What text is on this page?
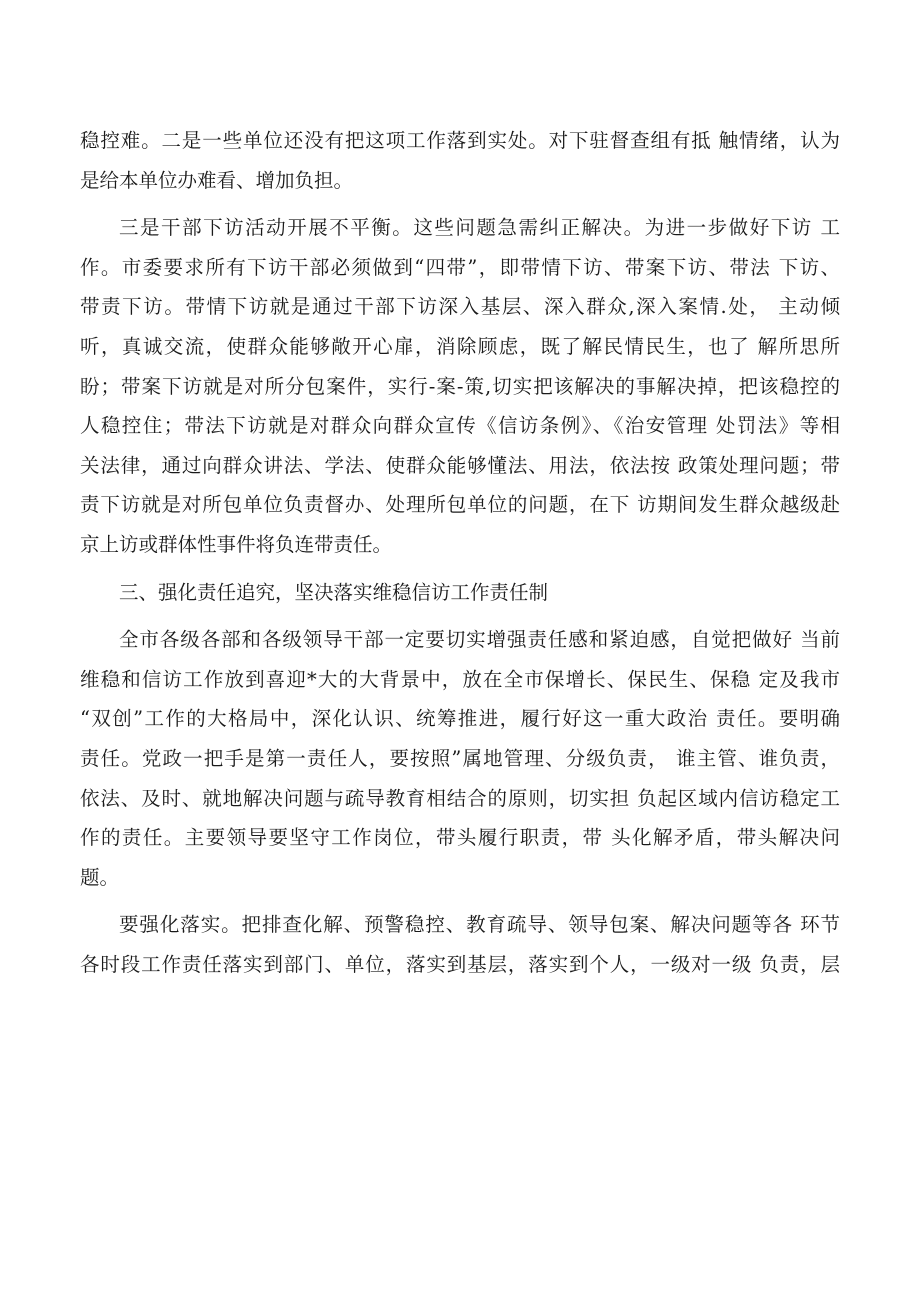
稳控难。二是一些单位还没有把这项工作落到实处。对下驻督查组有抵 触情绪，认为
是给本单位办难看、增加负担。
三是干部下访活动开展不平衡。这些问题急需纠正解决。为进一步做好下访 工
作。市委要求所有下访干部必须做到“四带”，即带情下访、带案下访、带法 下访、
带责下访。带情下访就是通过干部下访深入基层、深入群众,深入案情.处， 主动倾
听，真诚交流，使群众能够敞开心扉，消除顾虑，既了解民情民生，也了 解所思所
盼；带案下访就是对所分包案件，实行-案-策,切实把该解决的事解决掉，把该稳控的
人稳控住；带法下访就是对群众向群众宣传《信访条例》、《治安管理 处罚法》等相
关法律，通过向群众讲法、学法、使群众能够懂法、用法，依法按 政策处理问题；带
责下访就是对所包单位负责督办、处理所包单位的问题，在下 访期间发生群众越级赴
京上访或群体性事件将负连带责任。
三、强化责任追究，坚决落实维稳信访工作责任制
全市各级各部和各级领导干部一定要切实增强责任感和紧迫感，自觉把做好 当前
维稳和信访工作放到喜迎*大的大背景中，放在全市保增长、保民生、保稳 定及我市
“双创”工作的大格局中，深化认识、统筹推进，履行好这一重大政治 责任。要明确
责任。党政一把手是第一责任人，要按照”属地管理、分级负责， 谁主管、谁负责，
依法、及时、就地解决问题与疏导教育相结合的原则，切实担 负起区域内信访稳定工
作的责任。主要领导要坚守工作岗位，带头履行职责，带 头化解矛盾，带头解决问
题。
要强化落实。把排查化解、预警稳控、教育疏导、领导包案、解决问题等各 环节
各时段工作责任落实到部门、单位，落实到基层，落实到个人，一级对一级 负责，层
